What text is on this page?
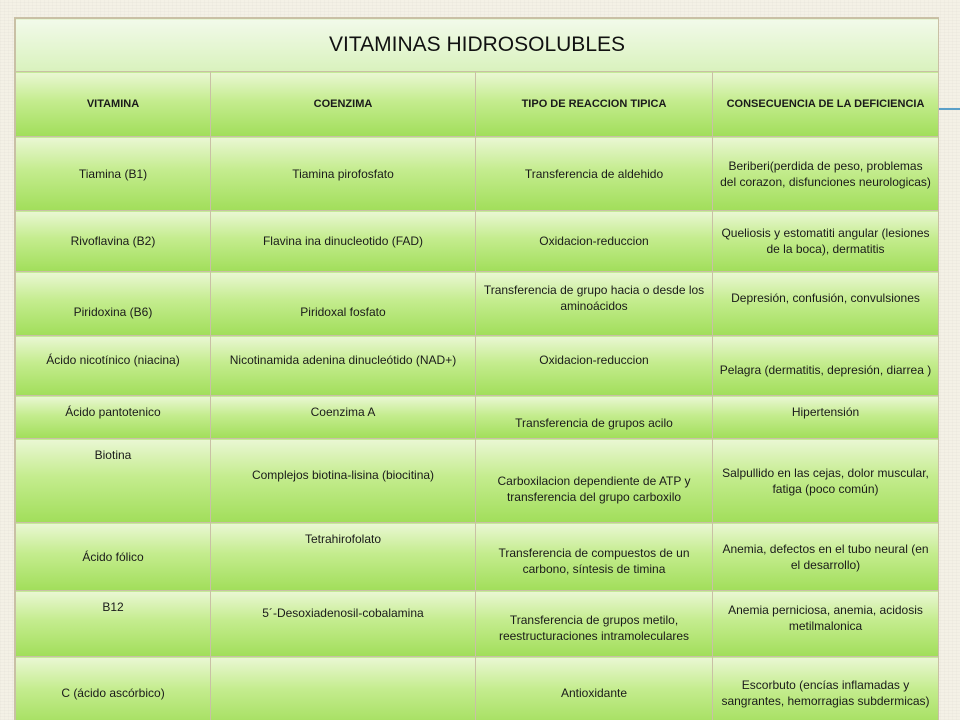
VITAMINAS HIDROSOLUBLES			
VITAMINA	COENZIMA	TIPO DE REACCION TIPICA	CONSECUENCIA DE LA DEFICIENCIA
Tiamina (B1)	Tiamina pirofosfato	Transferencia de aldehido	Beriberi(perdida de peso, problemas del corazon, disfunciones neurologicas)
Rivoflavina (B2)	Flavina ina dinucleotido (FAD)	Oxidacion-reduccion	Queliosis y estomatiti angular (lesiones de la boca), dermatitis
Piridoxina (B6)	Piridoxal fosfato	Transferencia de grupo hacia o desde los aminoácidos	Depresión, confusión, convulsiones
Ácido nicotínico (niacina)	Nicotinamida adenina dinucleótido (NAD+)	Oxidacion-reduccion	Pelagra (dermatitis, depresión, diarrea )
Ácido pantotenico	Coenzima A	Transferencia de grupos acilo	Hipertensión
Biotina	Complejos biotina-lisina (biocitina)	Carboxilacion dependiente de ATP y transferencia del grupo carboxilo	Salpullido en las cejas, dolor muscular, fatiga (poco común)
Ácido fólico	Tetrahirofolato	Transferencia de compuestos de un carbono, síntesis de timina	Anemia, defectos en el tubo neural (en el desarrollo)
B12	5´-Desoxiadenosil-cobalamina	Transferencia de grupos metilo, reestructuraciones intramoleculares	Anemia perniciosa, anemia, acidosis metilmalonica
C (ácido ascórbico)		Antioxidante	Escorbuto (encías inflamadas y sangrantes, hemorragias subdermicas)
